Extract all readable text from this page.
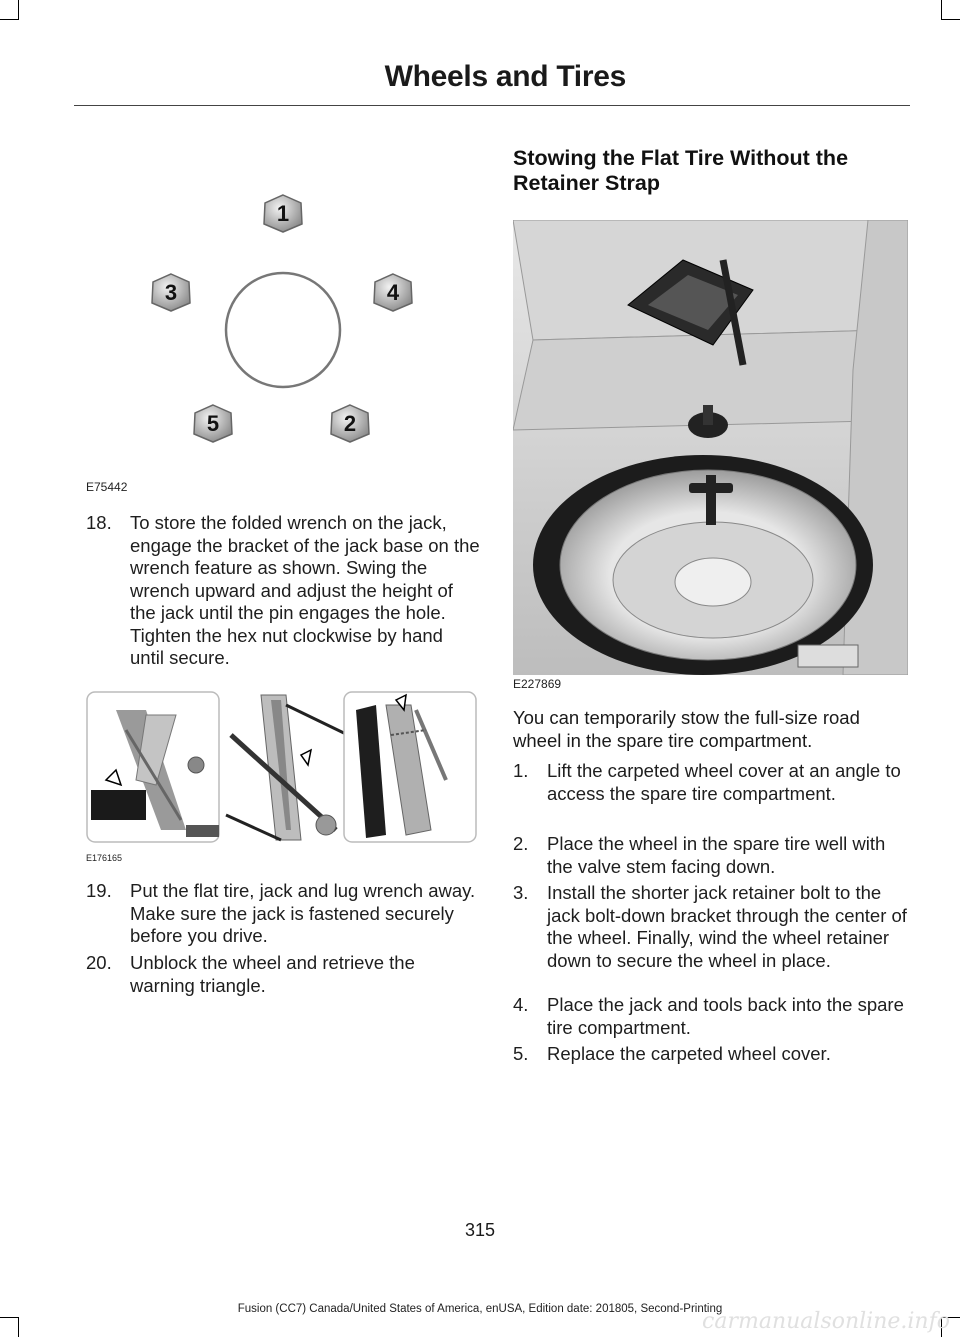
Wheels and Tires
1
4
2
5
3
E75442
18. To store the folded wrench on the jack, engage the bracket of the jack base on the wrench feature as shown. Swing the wrench upward and adjust the height of the jack until the pin engages the hole. Tighten the hex nut clockwise by hand until secure.
E176165
19. Put the flat tire, jack and lug wrench away. Make sure the jack is fastened securely before you drive.
20. Unblock the wheel and retrieve the warning triangle.
Stowing the Flat Tire Without the Retainer Strap
E227869
You can temporarily stow the full-size road wheel in the spare tire compartment.
1. Lift the carpeted wheel cover at an angle to access the spare tire compartment.
2. Place the wheel in the spare tire well with the valve stem facing down.
3. Install the shorter jack retainer bolt to the jack bolt-down bracket through the center of the wheel. Finally, wind the wheel retainer down to secure the wheel in place.
4. Place the jack and tools back into the spare tire compartment.
5. Replace the carpeted wheel cover.
315
Fusion (CC7) Canada/United States of America, enUSA, Edition date: 201805, Second-Printing
carmanualsonline.info
